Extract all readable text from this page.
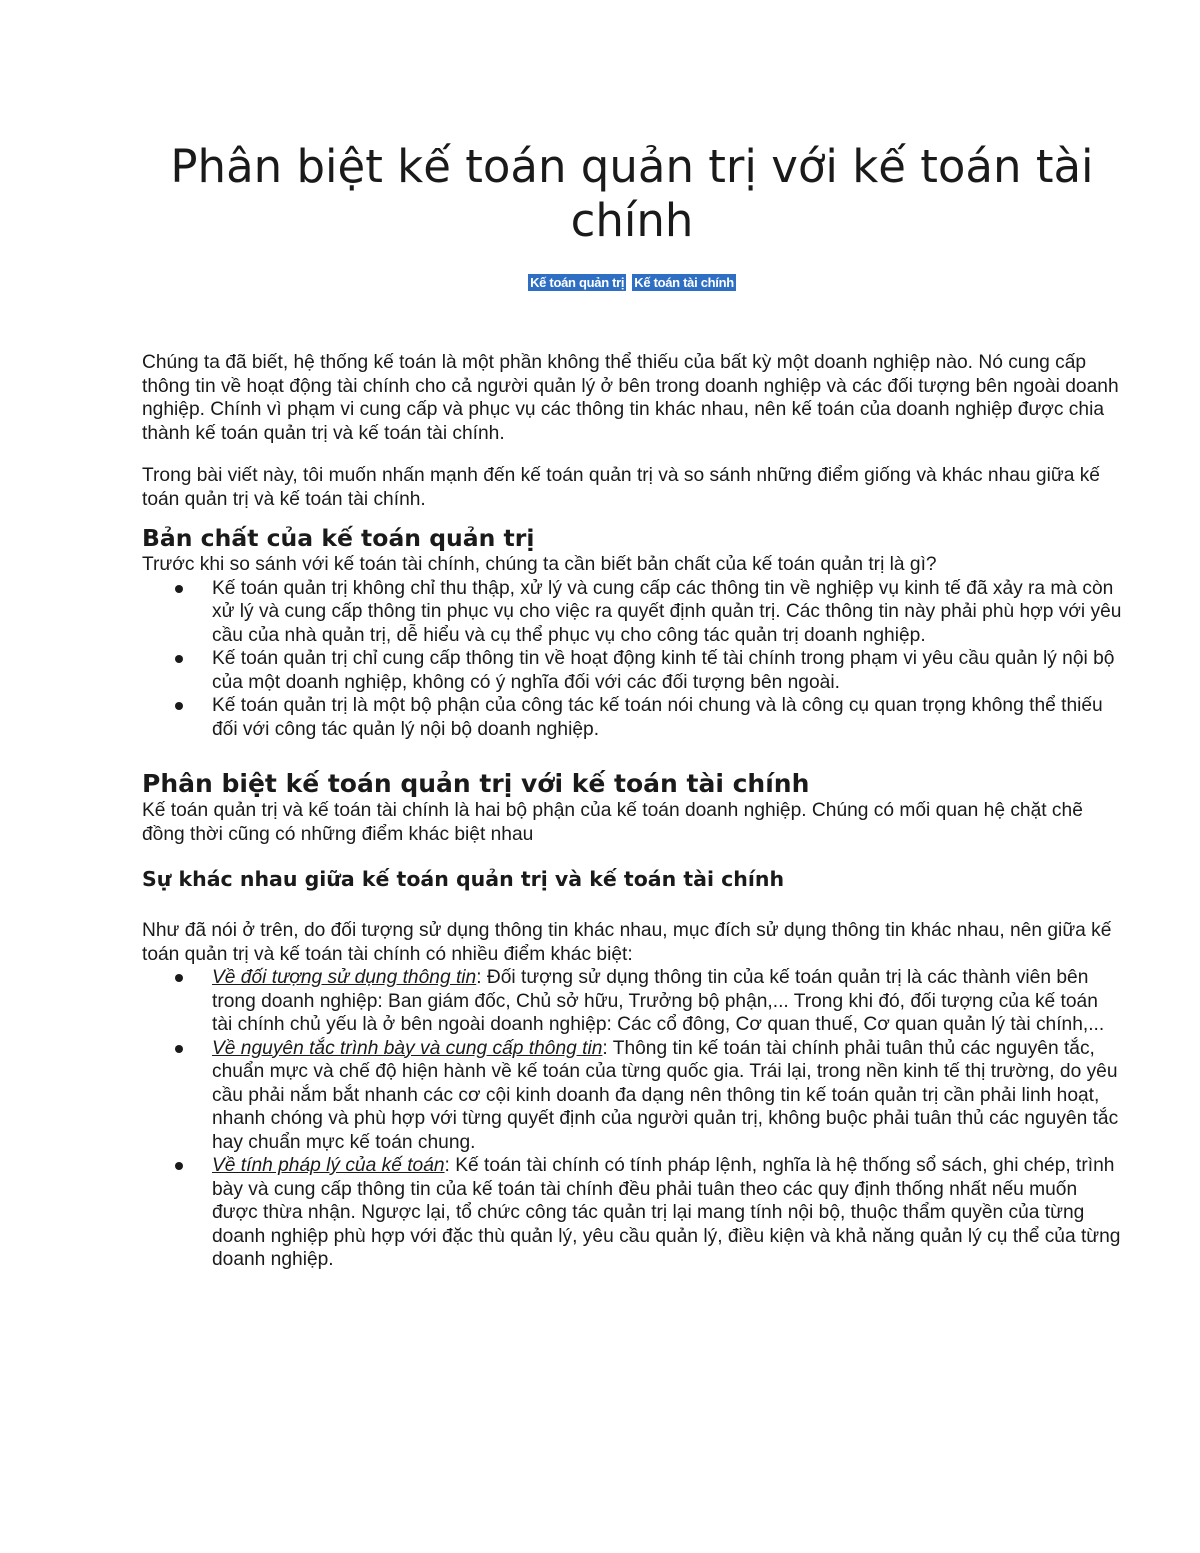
Phân biệt kế toán quản trị với kế toán tài chính
Kế toán quản trị Kế toán tài chính

Chúng ta đã biết, hệ thống kế toán là một phần không thể thiếu của bất kỳ một doanh nghiệp nào. Nó cung cấp thông tin về hoạt động tài chính cho cả người quản lý ở bên trong doanh nghiệp và các đối tượng bên ngoài doanh nghiệp. Chính vì phạm vi cung cấp và phục vụ các thông tin khác nhau, nên kế toán của doanh nghiệp được chia thành kế toán quản trị và kế toán tài chính.

Trong bài viết này, tôi muốn nhấn mạnh đến kế toán quản trị và so sánh những điểm giống và khác nhau giữa kế toán quản trị và kế toán tài chính.

Bản chất của kế toán quản trị

Trước khi so sánh với kế toán tài chính, chúng ta cần biết bản chất của kế toán quản trị là gì?

Kế toán quản trị không chỉ thu thập, xử lý và cung cấp các thông tin về nghiệp vụ kinh tế đã xảy ra mà còn xử lý và cung cấp thông tin phục vụ cho việc ra quyết định quản trị. Các thông tin này phải phù hợp với yêu cầu của nhà quản trị, dễ hiểu và cụ thể phục vụ cho công tác quản trị doanh nghiệp.
Kế toán quản trị chỉ cung cấp thông tin về hoạt động kinh tế tài chính trong phạm vi yêu cầu quản lý nội bộ của một doanh nghiệp, không có ý nghĩa đối với các đối tượng bên ngoài.
Kế toán quản trị là một bộ phận của công tác kế toán nói chung và là công cụ quan trọng không thể thiếu đối với công tác quản lý nội bộ doanh nghiệp.
Phân biệt kế toán quản trị với kế toán tài chính

Kế toán quản trị và kế toán tài chính là hai bộ phận của kế toán doanh nghiệp. Chúng có mối quan hệ chặt chẽ đồng thời cũng có những điểm khác biệt nhau

Sự khác nhau giữa kế toán quản trị và kế toán tài chính

Như đã nói ở trên, do đối tượng sử dụng thông tin khác nhau, mục đích sử dụng thông tin khác nhau, nên giữa kế toán quản trị và kế toán tài chính có nhiều điểm khác biệt:

Về đối tượng sử dụng thông tin: Đối tượng sử dụng thông tin của kế toán quản trị là các thành viên bên trong doanh nghiệp: Ban giám đốc, Chủ sở hữu, Trưởng bộ phận,... Trong khi đó, đối tượng của kế toán tài chính chủ yếu là ở bên ngoài doanh nghiệp: Các cổ đông, Cơ quan thuế, Cơ quan quản lý tài chính,...
Về nguyên tắc trình bày và cung cấp thông tin: Thông tin kế toán tài chính phải tuân thủ các nguyên tắc, chuẩn mực và chế độ hiện hành về kế toán của từng quốc gia. Trái lại, trong nền kinh tế thị trường, do yêu cầu phải nắm bắt nhanh các cơ cội kinh doanh đa dạng nên thông tin kế toán quản trị cần phải linh hoạt, nhanh chóng và phù hợp với từng quyết định của người quản trị, không buộc phải tuân thủ các nguyên tắc hay chuẩn mực kế toán chung.
Về tính pháp lý của kế toán: Kế toán tài chính có tính pháp lệnh, nghĩa là hệ thống sổ sách, ghi chép, trình bày và cung cấp thông tin của kế toán tài chính đều phải tuân theo các quy định thống nhất nếu muốn được thừa nhận. Ngược lại, tổ chức công tác quản trị lại mang tính nội bộ, thuộc thẩm quyền của từng doanh nghiệp phù hợp với đặc thù quản lý, yêu cầu quản lý, điều kiện và khả năng quản lý cụ thể của từng doanh nghiệp.
